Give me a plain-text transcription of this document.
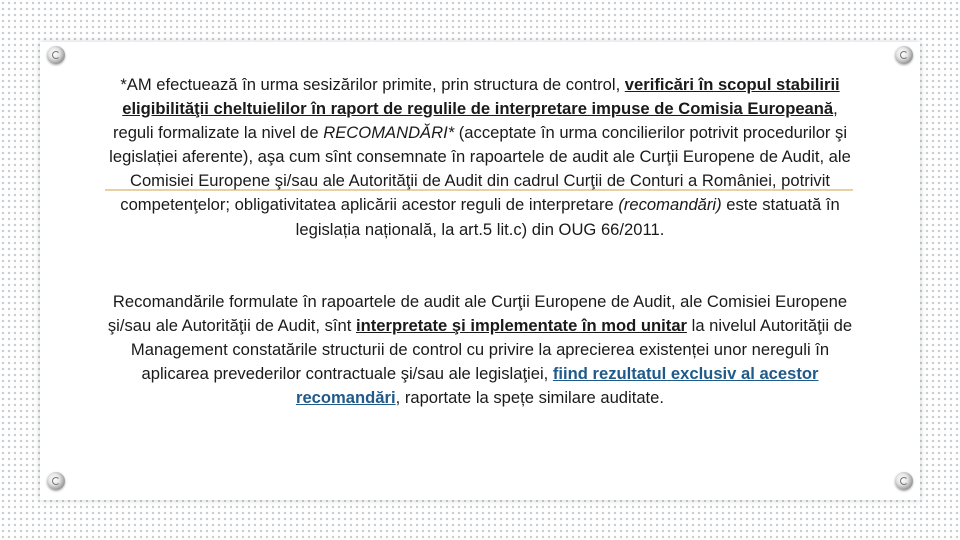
*AM efectuează în urma sesizărilor primite, prin structura de control, verificări în scopul stabilirii eligibilităţii cheltuielilor în raport de regulile de interpretare impuse de Comisia Europeană, reguli formalizate la nivel de RECOMANDĂRI* (acceptate în urma concilierilor potrivit procedurilor şi legislației aferente), aşa cum sînt consemnate în rapoartele de audit ale Curţii Europene de Audit, ale Comisiei Europene şi/sau ale Autorităţii de Audit din cadrul Curţii de Conturi a României, potrivit competenţelor; obligativitatea aplicării acestor reguli de interpretare (recomandări) este statuată în legislația națională, la art.5 lit.c) din OUG 66/2011.

Recomandările formulate în rapoartele de audit ale Curţii Europene de Audit, ale Comisiei Europene şi/sau ale Autorităţii de Audit, sînt interpretate şi implementate în mod unitar la nivelul Autorităţii de Management constatările structurii de control cu privire la aprecierea existenței unor nereguli în aplicarea prevederilor contractuale şi/sau ale legislaţiei, fiind rezultatul exclusiv al acestor recomandări, raportate la spețe similare auditate.
